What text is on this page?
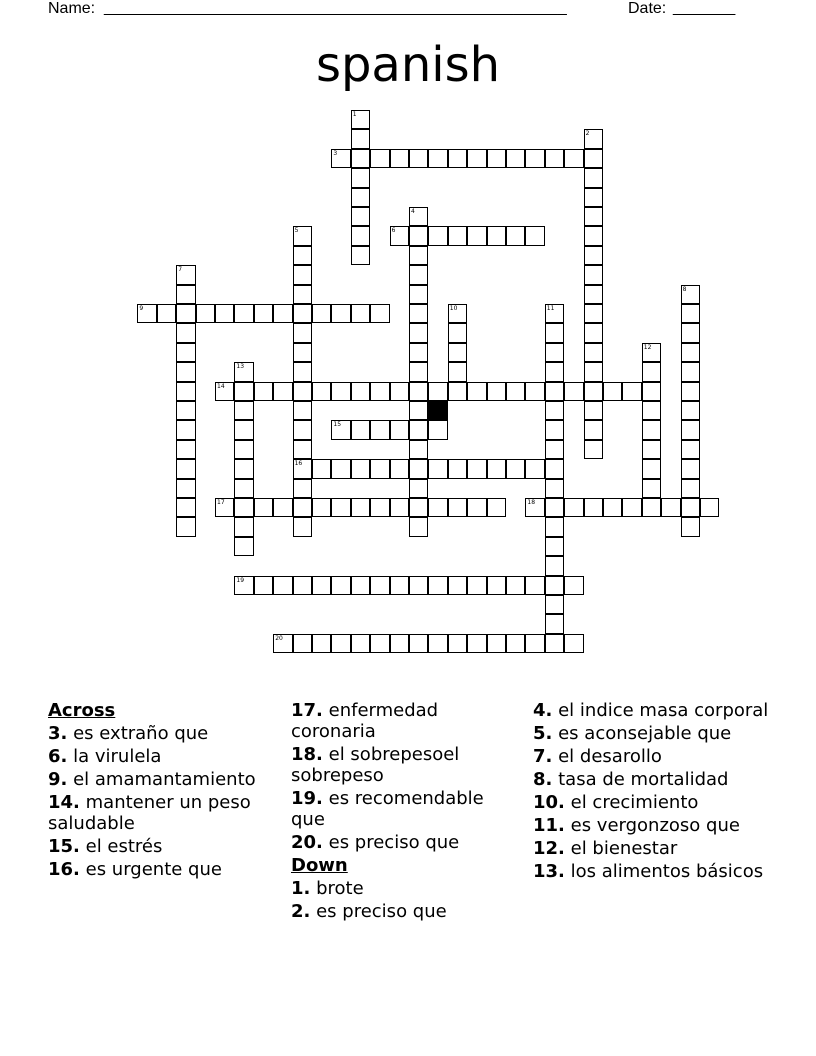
Name: ____________________________________________________	Date: _______
spanish
1
2
3
4
5
16
6
7
8
9	10	11
12
13
14
15
17	18
19
20
Across
3. es extraño que
6. la virulela
9. el amamantamiento
14. mantener un peso saludable
15. el estrés
16. es urgente que
17. enfermedad coronaria
18. el sobrepesoel sobrepeso
19. es recomendable que
20. es preciso que
Down
1. brote
2. es preciso que
4. el indice masa corporal
5. es aconsejable que
7. el desarollo
8. tasa de mortalidad
10. el crecimiento
11. es vergonzoso que
12. el bienestar
13. los alimentos básicos
